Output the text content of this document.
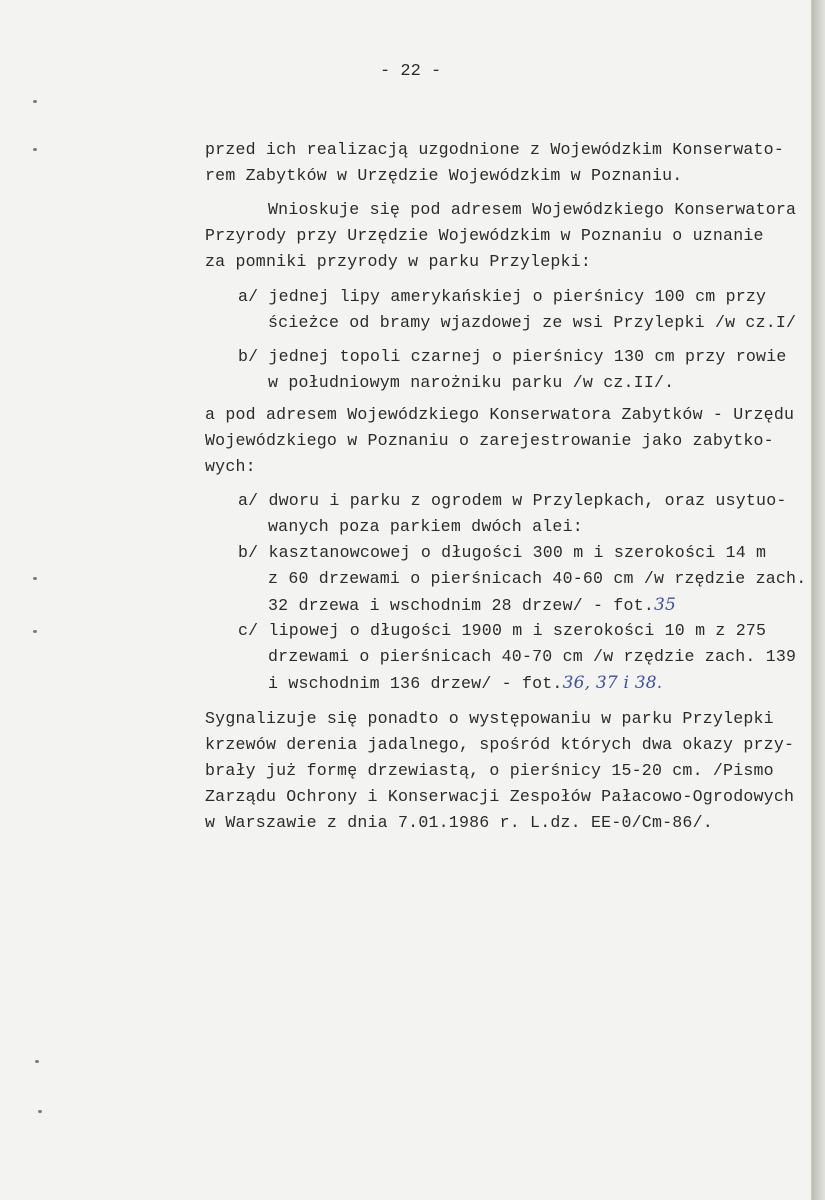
- 22 -
przed ich realizacją uzgodnione z Wojewódzkim Konserwato-
rem Zabytków w Urzędzie Wojewódzkim w Poznaniu.
Wnioskuje się pod adresem Wojewódzkiego Konserwatora
Przyrody przy Urzędzie Wojewódzkim w Poznaniu o uznanie
za pomniki przyrody w parku Przylepki:
a/ jednej lipy amerykańskiej o pierśnicy 100 cm przy
ścieżce od bramy wjazdowej ze wsi Przylepki /w cz.I/
b/ jednej topoli czarnej o pierśnicy 130 cm przy rowie
w południowym narożniku parku /w cz.II/.
a pod adresem Wojewódzkiego Konserwatora Zabytków - Urzędu
Wojewódzkiego w Poznaniu o zarejestrowanie jako zabytko-
wych:
a/ dworu i parku z ogrodem w Przylepkach, oraz usytuo-
wanych poza parkiem dwóch alei:
b/ kasztanowcowej o długości 300 m i szerokości 14 m
z 60 drzewami o pierśnicach 40-60 cm /w rzędzie zach.
32 drzewa i wschodnim 28 drzew/ - fot.35
c/ lipowej o długości 1900 m i szerokości 10 m z 275
drzewami o pierśnicach 40-70 cm /w rzędzie zach. 139
i wschodnim 136 drzew/ - fot.36, 37 i 38.
Sygnalizuje się ponadto o występowaniu w parku Przylepki
krzewów derenia jadalnego, spośród których dwa okazy przy-
brały już formę drzewiastą, o pierśnicy 15-20 cm. /Pismo
Zarządu Ochrony i Konserwacji Zespołów Pałacowo-Ogrodowych
w Warszawie z dnia 7.01.1986 r. L.dz. EE-0/Cm-86/.
